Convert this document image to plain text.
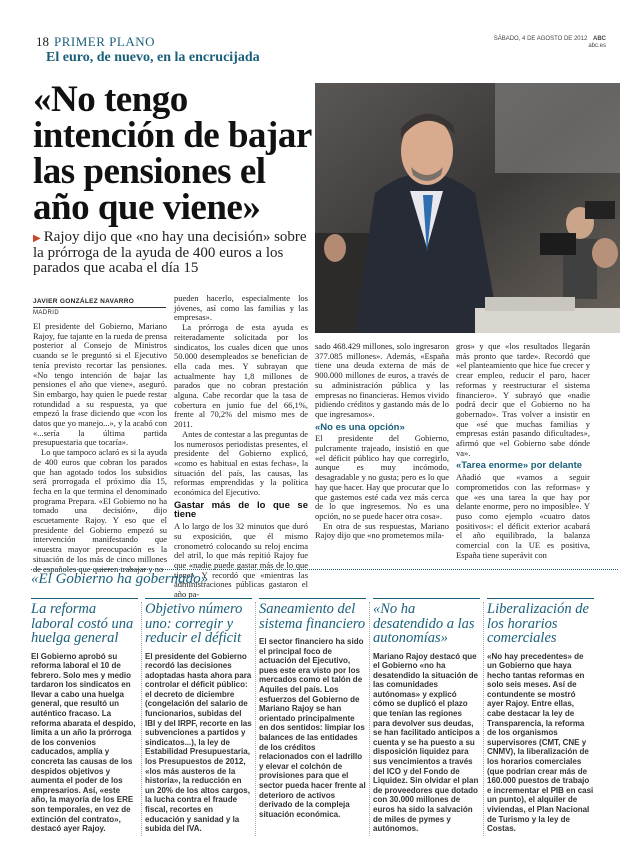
18 PRIMER PLANO	SÁBADO, 4 DE AGOSTO DE 2012 ABC
abc.es
El euro, de nuevo, en la encrucijada
«No tengo intención de bajar las pensiones el año que viene»
▶ Rajoy dijo que «no hay una decisión» sobre la prórroga de la ayuda de 400 euros a los parados que acaba el día 15
JAVIER GONZÁLEZ NAVARRO
MADRID

El presidente del Gobierno, Mariano Rajoy, fue tajante en la rueda de prensa posterior al Consejo de Ministros cuando se le preguntó si el Ejecutivo tenía previsto recortar las pensiones. «No tengo intención de bajar las pensiones el año que viene», aseguró. Sin embargo, hay quien le puede restar rotundidad a su respuesta, ya que empezó la frase diciendo que «con los datos que yo manejo...», y la acabó con «...sería la última partida presupuestaria que tocaría».

Lo que tampoco aclaró es si la ayuda de 400 euros que cobran los parados que han agotado todos los subsidios será prorrogada el próximo día 15, fecha en la que termina el denominado programa Prepara. «El Gobierno no ha tomado una decisión», dijo escuetamente Rajoy. Y eso que el presidente del Gobierno empezó su intervención manifestando que «nuestra mayor preocupación es la situación de los más de cinco millones de españoles que quieren trabajar y no

pueden hacerlo, especialmente los jóvenes, así como las familias y las empresas».

La prórroga de esta ayuda es reiteradamente solicitada por los sindicatos, los cuales dicen que unos 50.000 desempleados se benefician de ella cada mes. Y subrayan que actualmente hay 1,8 millones de parados que no cobran prestación alguna. Cabe recordar que la tasa de cobertura en junio fue del 66,1%, frente al 70,2% del mismo mes de 2011.

Antes de contestar a las preguntas de los numerosos periodistas presentes, el presidente del Gobierno explicó, «como es habitual en estas fechas», la situación del país, las causas, las reformas emprendidas y la política económica del Ejecutivo.

Gastar más de lo que se tiene

A lo largo de los 32 minutos que duró su exposición, que él mismo cronometró colocando su reloj encima del atril, lo que más repitió Rajoy fue que «nadie puede gastar más de lo que tiene». Y recordó que «mientras las administraciones públicas gastaron el año pa-

sado 468.429 millones, solo ingresaron 377.085 millones». Además, «España tiene una deuda externa de más de 900.000 millones de euros, a través de su administración pública y las empresas no financieras. Hemos vivido pidiendo créditos y gastando más de lo que ingresamos».

«No es una opción»

El presidente del Gobierno, pulcramente trajeado, insistió en que «el déficit público hay que corregirlo, aunque es muy incómodo, desagradable y no gusta; pero es lo que hay que hacer. Hay que procurar que lo que gastemos esté cada vez más cerca de lo que ingresemos. No es una opción, no se puede hacer otra cosa».

En otra de sus respuestas, Mariano Rajoy dijo que «no prometemos mila-

gros» y que «los resultados llegarán más pronto que tarde». Recordó que «el planteamiento que hice fue crecer y crear empleo, reducir el paro, hacer reformas y reestructurar el sistema financiero». Y subrayó que «nadie podrá decir que el Gobierno no ha gobernado». Tras volver a insistir en que «sé que muchas familias y empresas están pasando dificultades», afirmó que «el Gobierno sabe dónde va».

«Tarea enorme» por delante

Añadió que «vamos a seguir comprometidos con las reformas» y que «es una tarea la que hay por delante enorme, pero no imposible». Y puso como ejemplo «cuatro datos positivos»: el déficit exterior acabará el año equilibrado, la balanza comercial con la UE es positiva, España tiene superávit con

«El Gobierno ha gobernado»
La reforma laboral costó una huelga general
El Gobierno aprobó su reforma laboral el 10 de febrero. Solo mes y medio tardaron los sindicatos en llevar a cabo una huelga general, que resultó un auténtico fracaso. La reforma abarata el despido, limita a un año la prórroga de los convenios caducados, amplía y concreta las causas de los despidos objetivos y aumenta el poder de los empresarios. Así, «este año, la mayoría de los ERE son temporales, en vez de extinción del contrato», destacó ayer Rajoy.
Objetivo número uno: corregir y reducir el déficit
El presidente del Gobierno recordó las decisiones adoptadas hasta ahora para controlar el déficit público: el decreto de diciembre (congelación del salario de funcionarios, subidas del IBI y del IRPF, recorte en las subvenciones a partidos y sindicatos...), la ley de Estabilidad Presupuestaria, los Presupuestos de 2012, «los más austeros de la historia», la reducción en un 20% de los altos cargos, la lucha contra el fraude fiscal, recortes en educación y sanidad y la subida del IVA.
Saneamiento del sistema financiero
El sector financiero ha sido el principal foco de actuación del Ejecutivo, pues este era visto por los mercados como el talón de Aquiles del país. Los esfuerzos del Gobierno de Mariano Rajoy se han orientado principalmente en dos sentidos: limpiar los balances de las entidades de los créditos relacionados con el ladrillo y elevar el colchón de provisiones para que el sector pueda hacer frente al deterioro de activos derivado de la compleja situación económica.
«No ha desatendido a las autonomías»
Mariano Rajoy destacó que el Gobierno «no ha desatendido la situación de las comunidades autónomas» y explicó cómo se duplicó el plazo que tenían las regiones para devolver sus deudas, se han facilitado anticipos a cuenta y se ha puesto a su disposición liquidez para sus vencimientos a través del ICO y del Fondo de Liquidez. Sin olvidar el plan de proveedores que dotado con 30.000 millones de euros ha sido la salvación de miles de pymes y autónomos.
Liberalización de los horarios comerciales
«No hay precedentes» de un Gobierno que haya hecho tantas reformas en solo seis meses. Así de contundente se mostró ayer Rajoy. Entre ellas, cabe destacar la ley de Transparencia, la reforma de los organismos supervisores (CMT, CNE y CNMV), la liberalización de los horarios comerciales (que podrían crear más de 160.000 puestos de trabajo e incrementar el PIB en casi un punto), el alquiler de viviendas, el Plan Nacional de Turismo y la ley de Costas.
